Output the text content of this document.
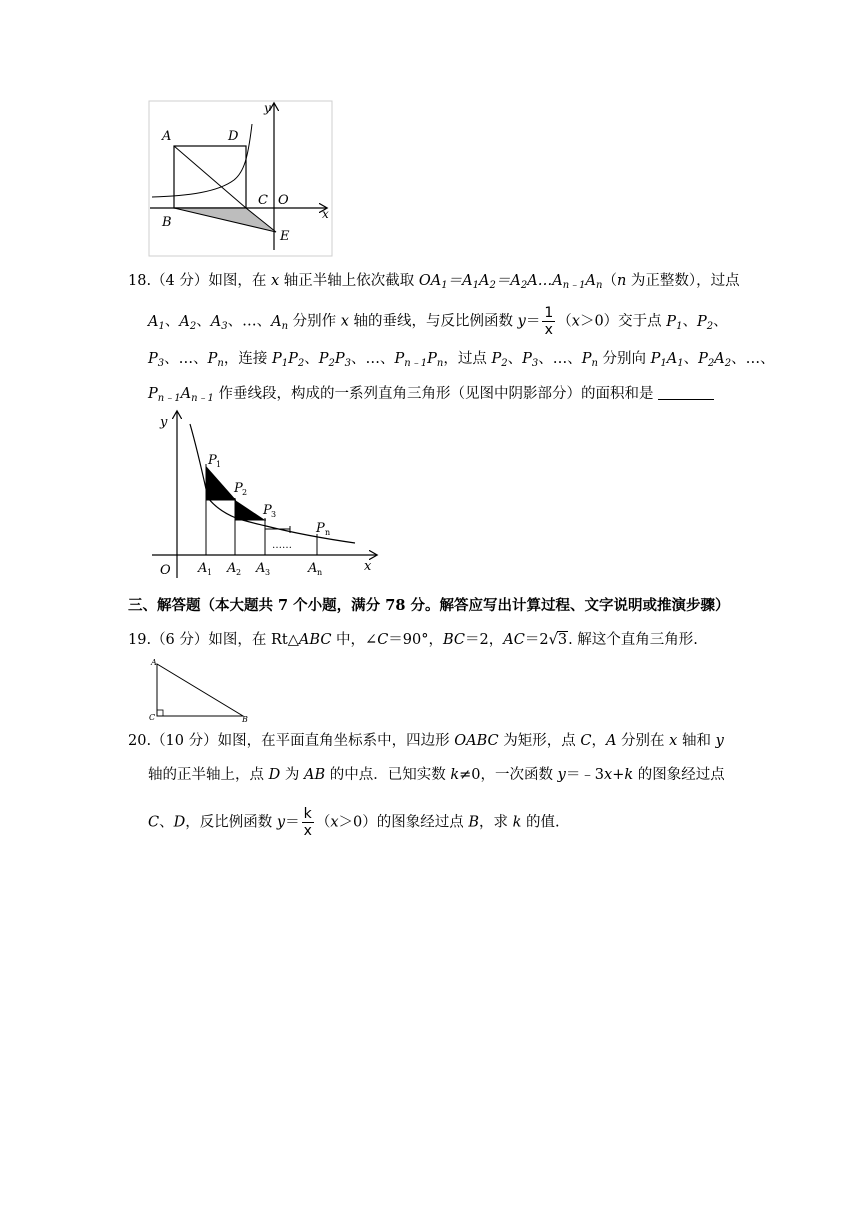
A	D
B
C O
E
x
y
18.（4 分）如图，在 x 轴正半轴上依次截取 $OA_1=A_1A_2=A_2A\dots A_{n﹣1}A_n(n$ 为正整数），过点
$A_1$、$A_2$、$A_3$、…、$A_n$ 分别作 x 轴的垂线，与反比例函数 $y= \frac{1}{x} (x>0)$交于点 $P_1$、$P_2$、
$P_3$、…、$P_n$，连接 $P_1P_2$、$P_2P_3$、…、$P_{n﹣1}P_n$，过点 $P_2$、$P_3$、…、$P_n$ 分别向 $P_1A_1$、$P_2A_2$、…、
$P_{n﹣1}A_{n﹣1}$ 作垂线段，构成的一系列直角三角形（见图中阴影部分）的面积和是
……
y
x
O
P 1
P 2
P 3
P n
A 1 A 2 A 3	A n
三、解答题（本大题共 7 个小题，满分 78 分。解答应写出计算过程、文字说明或推演步骤）
19.（6 分）如图，在 Rt△ABC 中，∠C＝90°，BC＝2，AC＝2√3. 解这个直角三角形.
A
C	B
20.（10 分）如图，在平面直角坐标系中，四边形 OABC 为矩形，点 C，A 分别在 x 轴和 y
轴的正半轴上，点 D 为 AB 的中点．已知实数 k≠0，一次函数 y＝﹣3x+k 的图象经过点
C、D，反比例函数 $y= \frac{k}{x} (x>0)$的图象经过点 B，求 k 的值.
